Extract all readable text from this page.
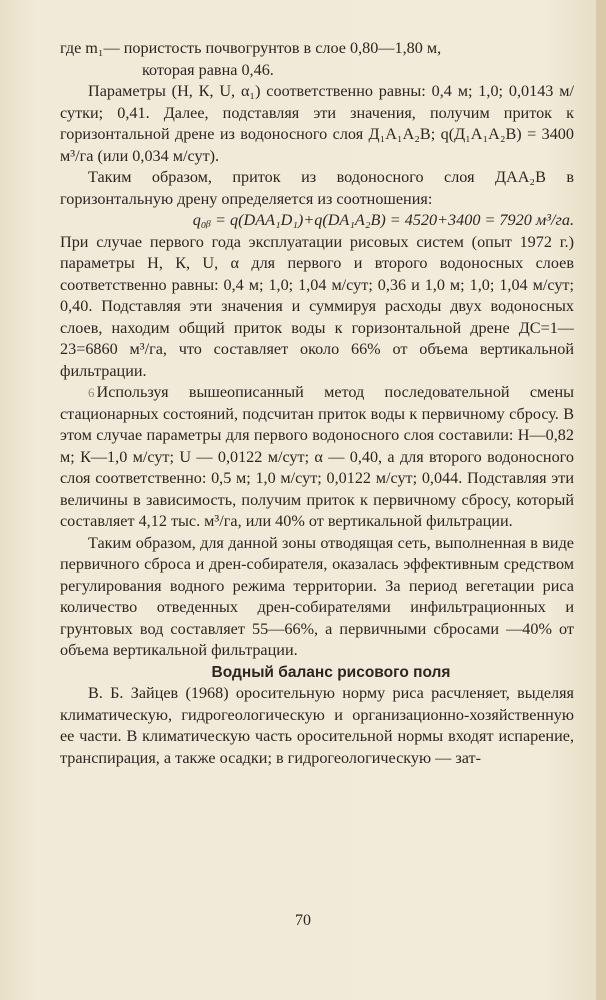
где m₁— пористость почвогрунтов в слое 0,80—1,80 м,

которая равна 0,46.

Параметры (Н, К, U, α₁) соответственно равны: 0,4 м; 1,0; 0,0143 м/сутки; 0,41. Далее, подставляя эти значения, получим приток к горизонтальной дрене из водоносного слоя Д₁А₁А₂В; q(Д₁А₁А₂В) = 3400 м³/га (или 0,034 м/сут).

Таким образом, приток из водоносного слоя ДАА₂В в горизонтальную дрену определяется из соотношения:

q₀ᵦ = q(DAA₁D₁)+q(DA₁A₂B) = 4520+3400 = 7920 м³/га.

При случае первого года эксплуатации рисовых систем (опыт 1972 г.) параметры Н, К, U, α для первого и второго водоносных слоев соответственно равны: 0,4 м; 1,0; 1,04 м/сут; 0,36 и 1,0 м; 1,0; 1,04 м/сут; 0,40. Подставляя эти значения и суммируя расходы двух водоносных слоев, находим общий приток воды к горизонтальной дрене ДС=1—23=6860 м³/га, что составляет около 66% от объема вертикальной фильтрации.

6 Используя вышеописанный метод последовательной смены стационарных состояний, подсчитан приток воды к первичному сбросу. В этом случае параметры для первого водоносного слоя составили: Н—0,82 м; К—1,0 м/сут; U — 0,0122 м/сут; α — 0,40, а для второго водоносного слоя соответственно: 0,5 м; 1,0 м/сут; 0,0122 м/сут; 0,044. Подставляя эти величины в зависимость, получим приток к первичному сбросу, который составляет 4,12 тыс. м³/га, или 40% от вертикальной фильтрации.

Таким образом, для данной зоны отводящая сеть, выполненная в виде первичного сброса и дрен-собирателя, оказалась эффективным средством регулирования водного режима территории. За период вегетации риса количество отведенных дрен-собирателями инфильтрационных и грунтовых вод составляет 55—66%, а первичными сбросами —40% от объема вертикальной фильтрации.

Водный баланс рисового поля

В. Б. Зайцев (1968) оросительную норму риса расчленяет, выделяя климатическую, гидрогеологическую и организационно-хозяйственную ее части. В климатическую часть оросительной нормы входят испарение, транспирация, а также осадки; в гидрогеологическую — зат-

70
